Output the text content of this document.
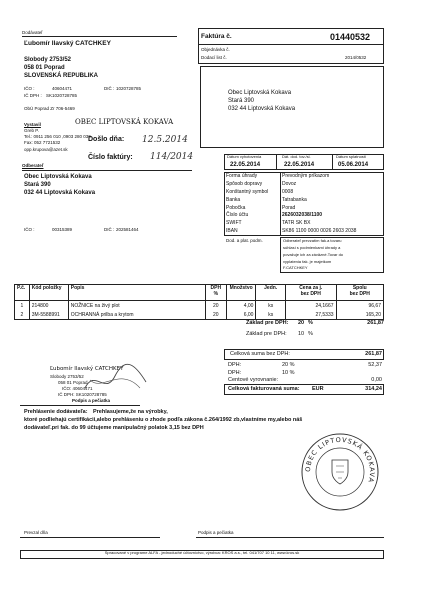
Dodávateľ
Ľubomír Ilavský CATCHKEY
Slobody 2753/52
058 01 Poprad
SLOVENSKÁ REPUBLIKA
IČO :	40604471	DIČ : 1020728785
IČ DPH : SK1020728785
ObÚ Poprad Zr 706-5469
Vystavil
Greb P.
Tel.: 0911 256 010 ,0903 280 030
Fax: 052 7721532
opp.krupova@azet.sk
OBEC LIPTOVSKÁ KOKAVA
Došlo dňa: 12.5.2014
Číslo faktúry: 114/2014
Faktúra č.	01440532
Objednávka č.
Dodací list č.	2014/0532
Obec Liptovská Kokava
Stará 390
032 44 Liptovská Kokava
Odberateľ
Obec Liptovská Kokava
Stará 390
032 44 Liptovská Kokava
IČO :	00315389	DIČ : 202581464
Dátum vyhotovenia	Dát. dod. tov./sl.	Dátum splatnosti
22.05.2014	22.05.2014	05.06.2014
Forma úhrady	Prevodným príkazom
Spôsob dopravy	Dovoz
Konštantný symbol	0008
Banka	Tatrabanka
Pobočka	Porad
Číslo účtu	2626032038/1100
SWIFT	TATR SK BX
IBAN	SK86 1100 0000 0026 2603 2038
Dod. a plat. podm.	Odberateľ prevzatím fak.a tovaru
súhlasí s podmienkami úhrady a
považuje ich za záväzné.Tovar do
vyplatenia fak. je majetkom
F.CATCHKEY
P.č.	Kód položky	Popis	DPH
%	Množstvo	Jedn.	Cena za j.
bez DPH	Spolu
bez DPH
1	214800	NOŽNICE na živý plot	20	4,00	ks	24,1667	96,67
2	3M-5588991	OCHRANNÁ prilba a krytom	20	6,00	ks	27,5333	165,20
Základ pre DPH: 20 %	261,87
Základ pre DPH: 10 %
Celková suma bez DPH:	261,87
DPH:	20 %	52,37
DPH:	10 %
Centové vyrovnanie:	0,00
Celková fakturovaná suma: EUR	314,24
Ľubomír Ilavský CATCHKEY
Slobody 2753/52
058 01 Poprad
IČO: 40604471
IČ DPH: SK1020728785
Podpis a pečiatka
Prehlásenie dodávateľa: Prehlasujeme,že na výrobky,
ktoré podliehajú certifikácii,alebo prehláseniu o zhode podľa zákona č.264/1992 zb,vlastníme my,alebo náš
dodávateľ.pri fak. do 99 účtujeme manipulačný polatok 3,15 bez DPH
OBEC LIPTOVSKÁ KOKAVA
Prevzal dňa	Podpis a pečiatka
Spracované v programe ALFA - jednoduché účtovníctvo, výrobca: KROS a.s., tel. 041/707 10 11, www.kros.sk
